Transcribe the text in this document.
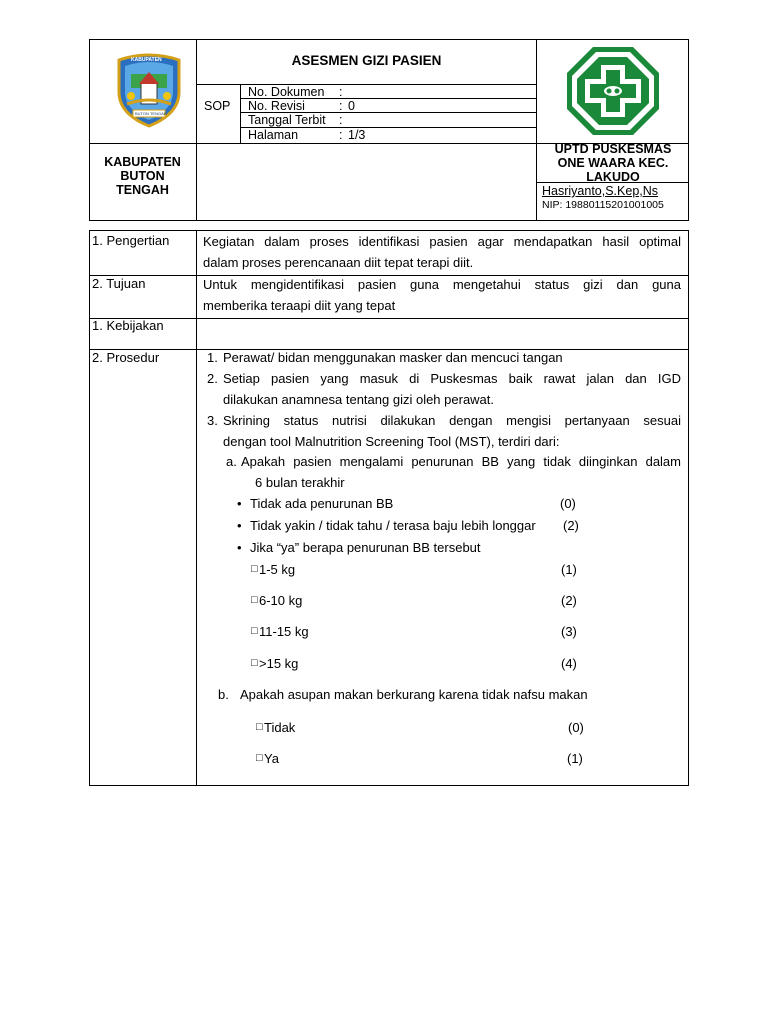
KABUPATEN
BUTON TENGAH
ASESMEN GIZI PASIEN
SOP
No. Dokumen :
No. Revisi	: 0
Tanggal Terbit :
Halaman	: 1/3
KABUPATEN
BUTON
TENGAH
UPTD PUSKESMAS
ONE WAARA KEC.
LAKUDO
Hasriyanto,S.Kep,Ns
NIP: 19880115201001005
1. Pengertian	Kegiatan dalam proses identifikasi pasien agar mendapatkan hasil optimal
dalam proses perencanaan diit tepat terapi diit.
2. Tujuan	Untuk mengidentifikasi pasien guna mengetahui status gizi dan guna
memberika teraapi diit yang tepat
1. Kebijakan
2. Prosedur	1. Perawat/ bidan menggunakan masker dan mencuci tangan
2. Setiap pasien yang masuk di Puskesmas baik rawat jalan dan IGD
dilakukan anamnesa tentang gizi oleh perawat.
3. Skrining status nutrisi dilakukan dengan mengisi pertanyaan sesuai
dengan tool Malnutrition Screening Tool (MST), terdiri dari:
a. Apakah pasien mengalami penurunan BB yang tidak diinginkan dalam
6 bulan terakhir
• Tidak ada penurunan BB	(0)
• Tidak yakin / tidak tahu / terasa baju lebih longgar (2)
• Jika “ya” berapa penurunan BB tersebut
□ 1-5 kg	(1)
□ 6-10 kg	(2)
□ 11-15 kg	(3)
□ >15 kg	(4)
b. Apakah asupan makan berkurang karena tidak nafsu makan
□ Tidak	(0)
□ Ya	(1)
